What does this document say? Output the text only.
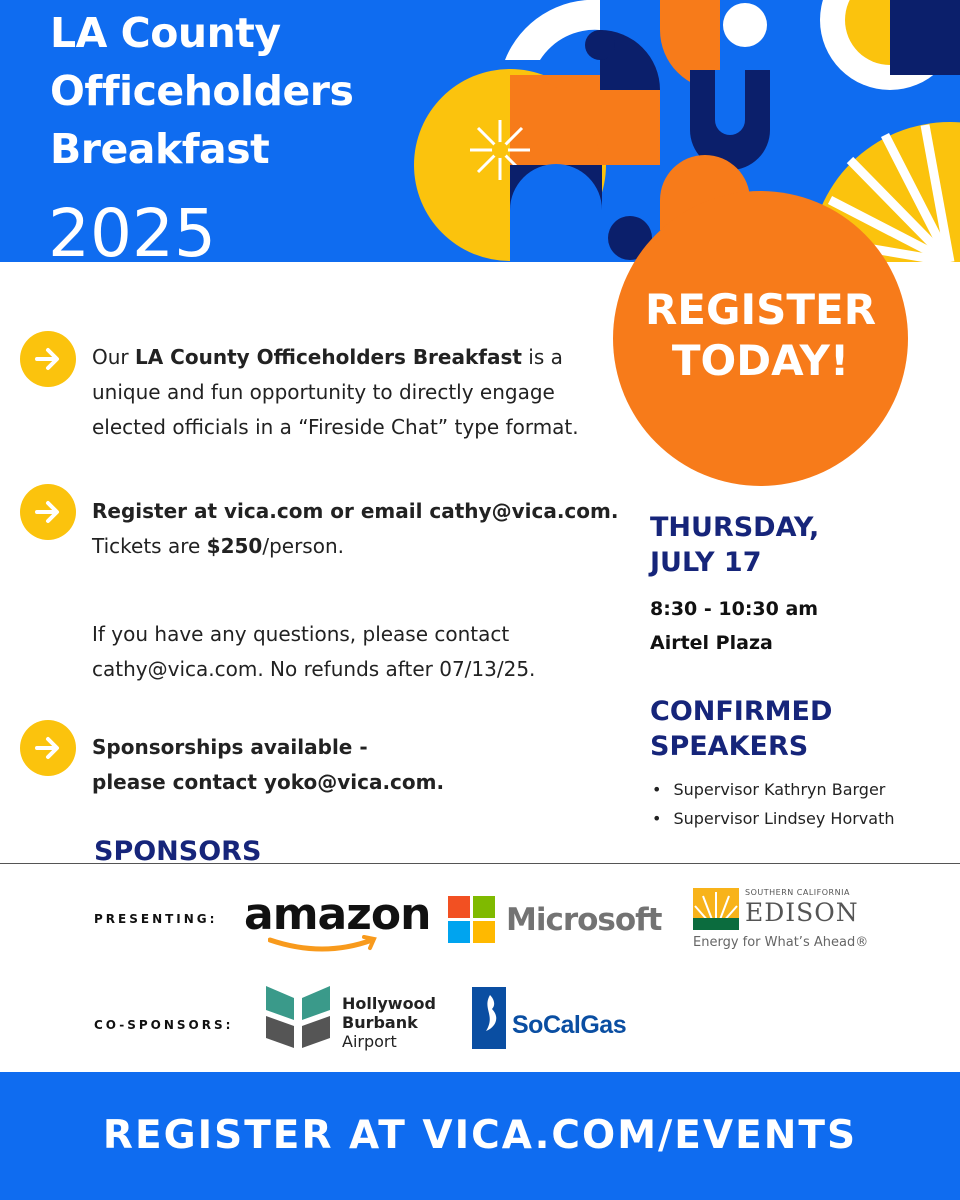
LA County
Officeholders
Breakfast
2025
REGISTER
TODAY!
Our LA County Officeholders Breakfast is a
unique and fun opportunity to directly engage
elected officials in a “Fireside Chat” type format.
Register at vica.com or email cathy@vica.com.
Tickets are $250/person.
If you have any questions, please contact
cathy@vica.com. No refunds after 07/13/25.
Sponsorships available -
please contact yoko@vica.com.
THURSDAY,
JULY 17
8:30 - 10:30 am
Airtel Plaza
CONFIRMED
SPEAKERS
• Supervisor Kathryn Barger
• Supervisor Lindsey Horvath
SPONSORS
PRESENTING:
CO-SPONSORS:
amazon Microsoft
SOUTHERN CALIFORNIA
EDISON
Energy for What’s Ahead®
Hollywood
Burbank
Airport
SoCalGas
REGISTER AT VICA.COM/EVENTS
